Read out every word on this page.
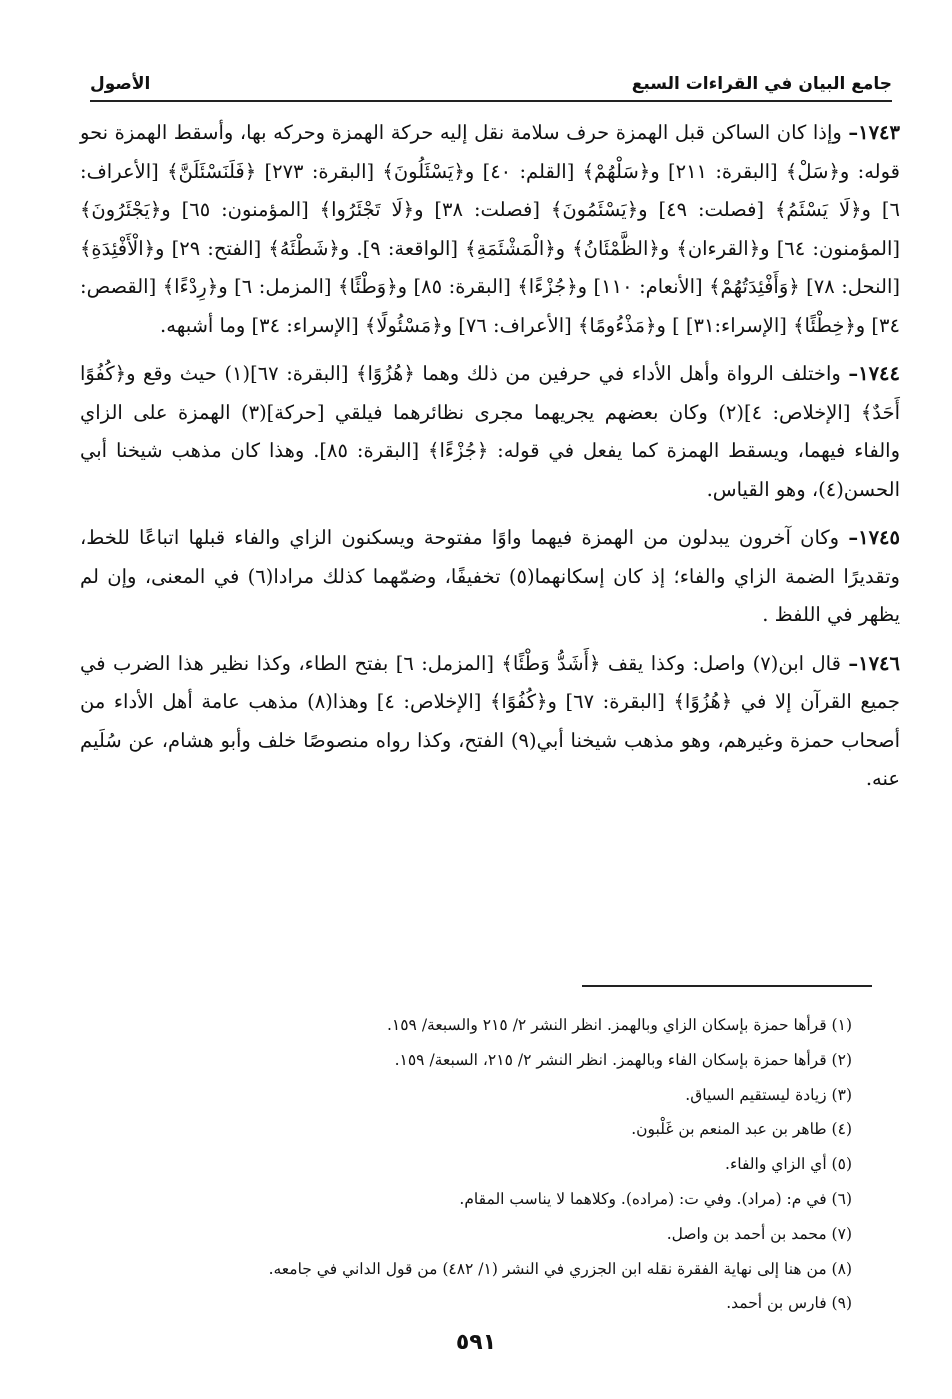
جامع البيان في القراءات السبع
الأصول

١٧٤٣– وإذا كان الساكن قبل الهمزة حرف سلامة نقل إليه حركة الهمزة وحركه بها، وأسقط الهمزة نحو قوله: و﴿سَلْ﴾ [البقرة: ٢١١] و﴿سَلْهُمْ﴾ [القلم: ٤٠] و﴿يَسْئَلُونَ﴾ [البقرة: ٢٧٣] ﴿فَلَنَسْئَلَنَّ﴾ [الأعراف: ٦] و﴿لَا يَسْئَمُ﴾ [فصلت: ٤٩] و﴿يَسْئَمُونَ﴾ [فصلت: ٣٨] و﴿لَا تَجْئَرُوا﴾ [المؤمنون: ٦٥] و﴿يَجْئَرُونَ﴾ [المؤمنون: ٦٤] و﴿القرءان﴾ و﴿الظَّمْئَانُ﴾ و﴿الْمَشْئَمَةِ﴾ [الواقعة: ٩]. و﴿شَطْئَهُ﴾ [الفتح: ٢٩] و﴿الْأَفْئِدَةِ﴾ [النحل: ٧٨] ﴿وَأَفْئِدَتُهُمْ﴾ [الأنعام: ١١٠] و﴿جُزْءًا﴾ [البقرة: ٨٥] و﴿وَطْئًا﴾ [المزمل: ٦] و﴿رِدْءًا﴾ [القصص: ٣٤] و﴿خِطْئًا﴾ [الإسراء:٣١] ] و﴿مَذْءُومًا﴾ [الأعراف: ٧٦] و﴿مَسْئُولًا﴾ [الإسراء: ٣٤] وما أشبهه.

١٧٤٤– واختلف الرواة وأهل الأداء في حرفين من ذلك وهما ﴿هُزُوًا﴾ [البقرة: ٦٧](١) حيث وقع و﴿كُفُوًا أَحَدٌ﴾ [الإخلاص: ٤](٢) وكان بعضهم يجريهما مجرى نظائرهما فيلقي [حركة](٣) الهمزة على الزاي والفاء فيهما، ويسقط الهمزة كما يفعل في قوله: ﴿جُزْءًا﴾ [البقرة: ٨٥]. وهذا كان مذهب شيخنا أبي الحسن(٤)، وهو القياس.

١٧٤٥– وكان آخرون يبدلون من الهمزة فيهما واوًا مفتوحة ويسكنون الزاي والفاء قبلها اتباعًا للخط، وتقديرًا الضمة الزاي والفاء؛ إذ كان إسكانهما(٥) تخفيفًا، وضمّهما كذلك مرادا(٦) في المعنى، وإن لم يظهر في اللفظ .

١٧٤٦– قال ابن(٧) واصل: وكذا يقف ﴿أَشَدُّ وَطْئًا﴾ [المزمل: ٦] بفتح الطاء، وكذا نظير هذا الضرب في جميع القرآن إلا في ﴿هُزُوًا﴾ [البقرة: ٦٧] و﴿كُفُوًا﴾ [الإخلاص: ٤] وهذا(٨) مذهب عامة أهل الأداء من أصحاب حمزة وغيرهم، وهو مذهب شيخنا أبي(٩) الفتح، وكذا رواه منصوصًا خلف وأبو هشام، عن سُلَيم عنه.

(١) قرأها حمزة بإسكان الزاي وبالهمز. انظر النشر ٢/ ٢١٥ والسبعة/ ١٥٩.
(٢) قرأها حمزة بإسكان الفاء وبالهمز. انظر النشر ٢/ ٢١٥، السبعة/ ١٥٩.
(٣) زيادة ليستقيم السياق.
(٤) طاهر بن عبد المنعم بن غَلْبون.
(٥) أي الزاي والفاء.
(٦) في م: (مراد). وفي ت: (مراده). وكلاهما لا يناسب المقام.
(٧) محمد بن أحمد بن واصل.
(٨) من هنا إلى نهاية الفقرة نقله ابن الجزري في النشر (١/ ٤٨٢) من قول الداني في جامعه.
(٩) فارس بن أحمد.
٥٩١
